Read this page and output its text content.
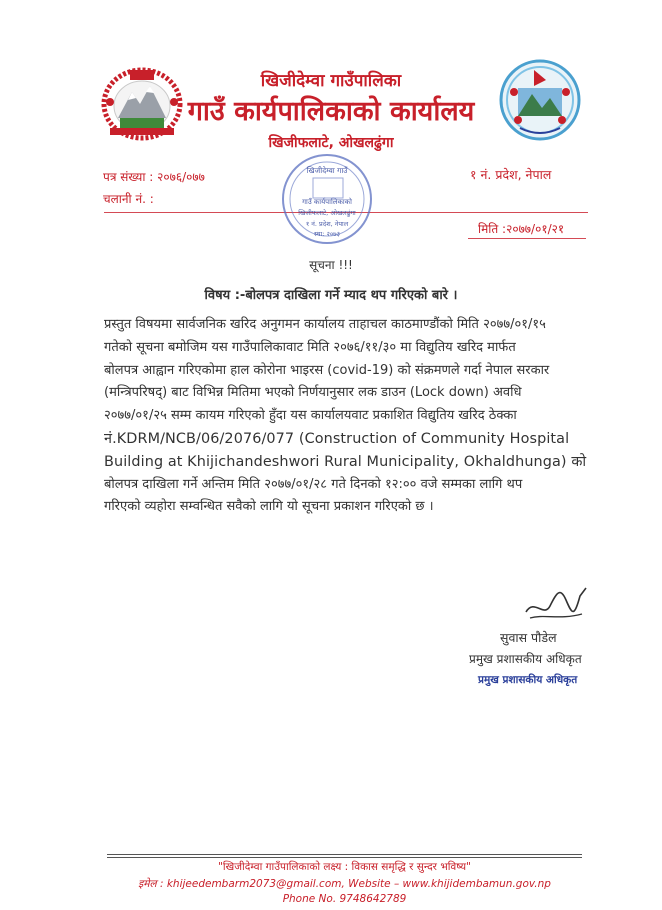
खिजीदेम्वा गाउँपालिका
गाउँ कार्यपालिकाको कार्यालय
खिजीफलाटे, ओखलढुंगा
पत्र संख्या : २०७६/०७७
चलानी नं. :
१ नं. प्रदेश, नेपाल
मिति :२०७७/०१/२१
खिजीदेम्वा गाउँ
गाउँ कार्यपालिकाको
खिजीफलाटे, ओखलढुंगा
१ नं. प्रदेश, नेपाल
स्था: २०७३
सूचना !!!
विषय :-बोलपत्र दाखिला गर्ने म्याद थप गरिएको बारे ।
प्रस्तुत विषयमा सार्वजनिक खरिद अनुगमन कार्यालय ताहाचल काठमाण्डौंको मिति २०७७/०१/१५
गतेको सूचना बमोजिम यस गाउँपालिकावाट मिति २०७६/११/३० मा विद्युतिय खरिद मार्फत
बोलपत्र आह्वान गरिएकोमा हाल कोरोना भाइरस (covid-19) को संक्रमणले गर्दा नेपाल सरकार
(मन्त्रिपरिषद्) बाट विभिन्न मितिमा भएको निर्णयानुसार लक डाउन (Lock down) अवधि
२०७७/०१/२५ सम्म कायम गरिएको हुँदा यस कार्यालयवाट प्रकाशित विद्युतिय खरिद ठेक्का
नं.KDRM/NCB/06/2076/077 (Construction of Community Hospital
Building at Khijichandeshwori Rural Municipality, Okhaldhunga) को
बोलपत्र दाखिला गर्ने अन्तिम मिति २०७७/०१/२८ गते दिनको १२:०० वजे सम्मका लागि थप
गरिएको व्यहोरा सम्वन्धित सवैको लागि यो सूचना प्रकाशन गरिएको छ ।
सुवास पौडेल
प्रमुख प्रशासकीय अधिकृत
प्रमुख प्रशासकीय अधिकृत
"खिजीदेम्वा गाउँपालिकाको लक्ष्य : विकास समृद्धि र सुन्दर भविष्य"
इमेल : khijeedembarm2073@gmail.com, Website – www.khijidembamun.gov.np
Phone No. 9748642789
